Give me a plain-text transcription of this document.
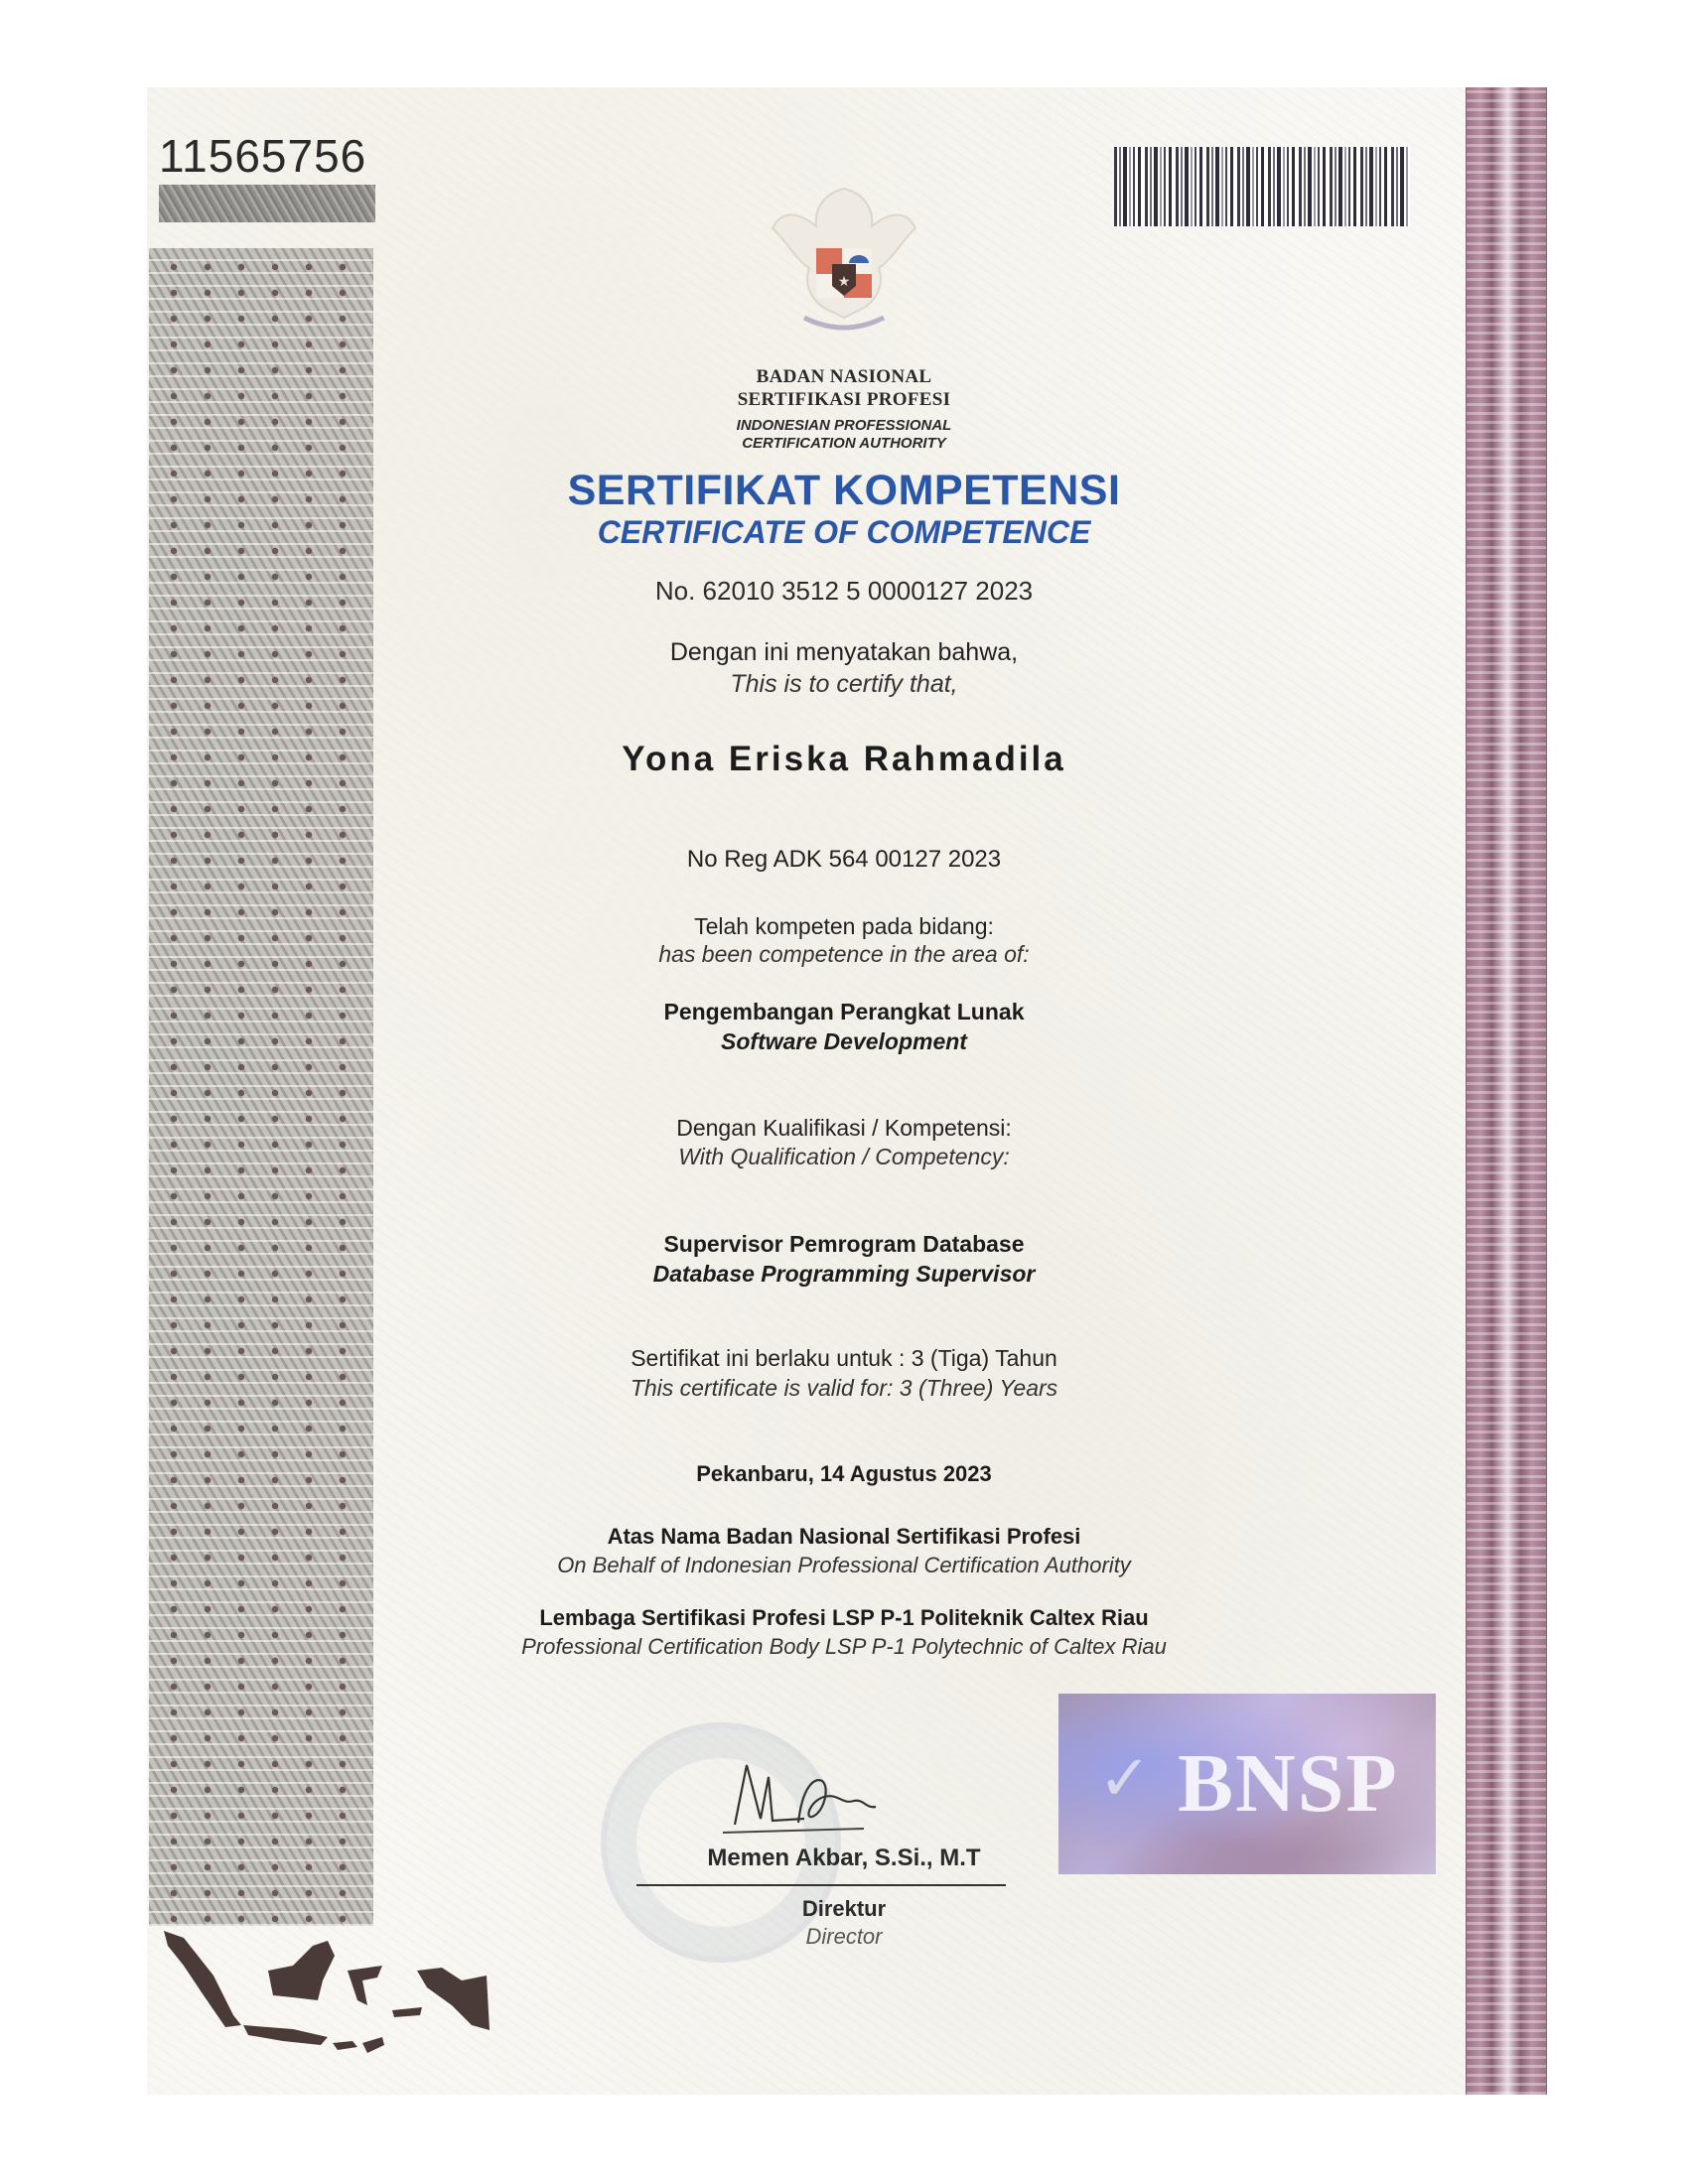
11565756
★
BADAN NASIONAL
SERTIFIKASI PROFESI
INDONESIAN PROFESSIONAL
CERTIFICATION AUTHORITY
SERTIFIKAT KOMPETENSI
CERTIFICATE OF COMPETENCE
No. 62010 3512 5 0000127 2023
Dengan ini menyatakan bahwa,
This is to certify that,
Yona Eriska Rahmadila
No Reg ADK 564 00127 2023
Telah kompeten pada bidang:
has been competence in the area of:
Pengembangan Perangkat Lunak
Software Development
Dengan Kualifikasi / Kompetensi:
With Qualification / Competency:
Supervisor Pemrogram Database
Database Programming Supervisor
Sertifikat ini berlaku untuk : 3 (Tiga) Tahun
This certificate is valid for: 3 (Three) Years
Pekanbaru, 14 Agustus 2023
Atas Nama Badan Nasional Sertifikasi Profesi
On Behalf of Indonesian Professional Certification Authority
Lembaga Sertifikasi Profesi LSP P-1 Politeknik Caltex Riau
Professional Certification Body LSP P-1 Polytechnic of Caltex Riau
Memen Akbar, S.Si., M.T
Direktur
Director
✓ BNSP
